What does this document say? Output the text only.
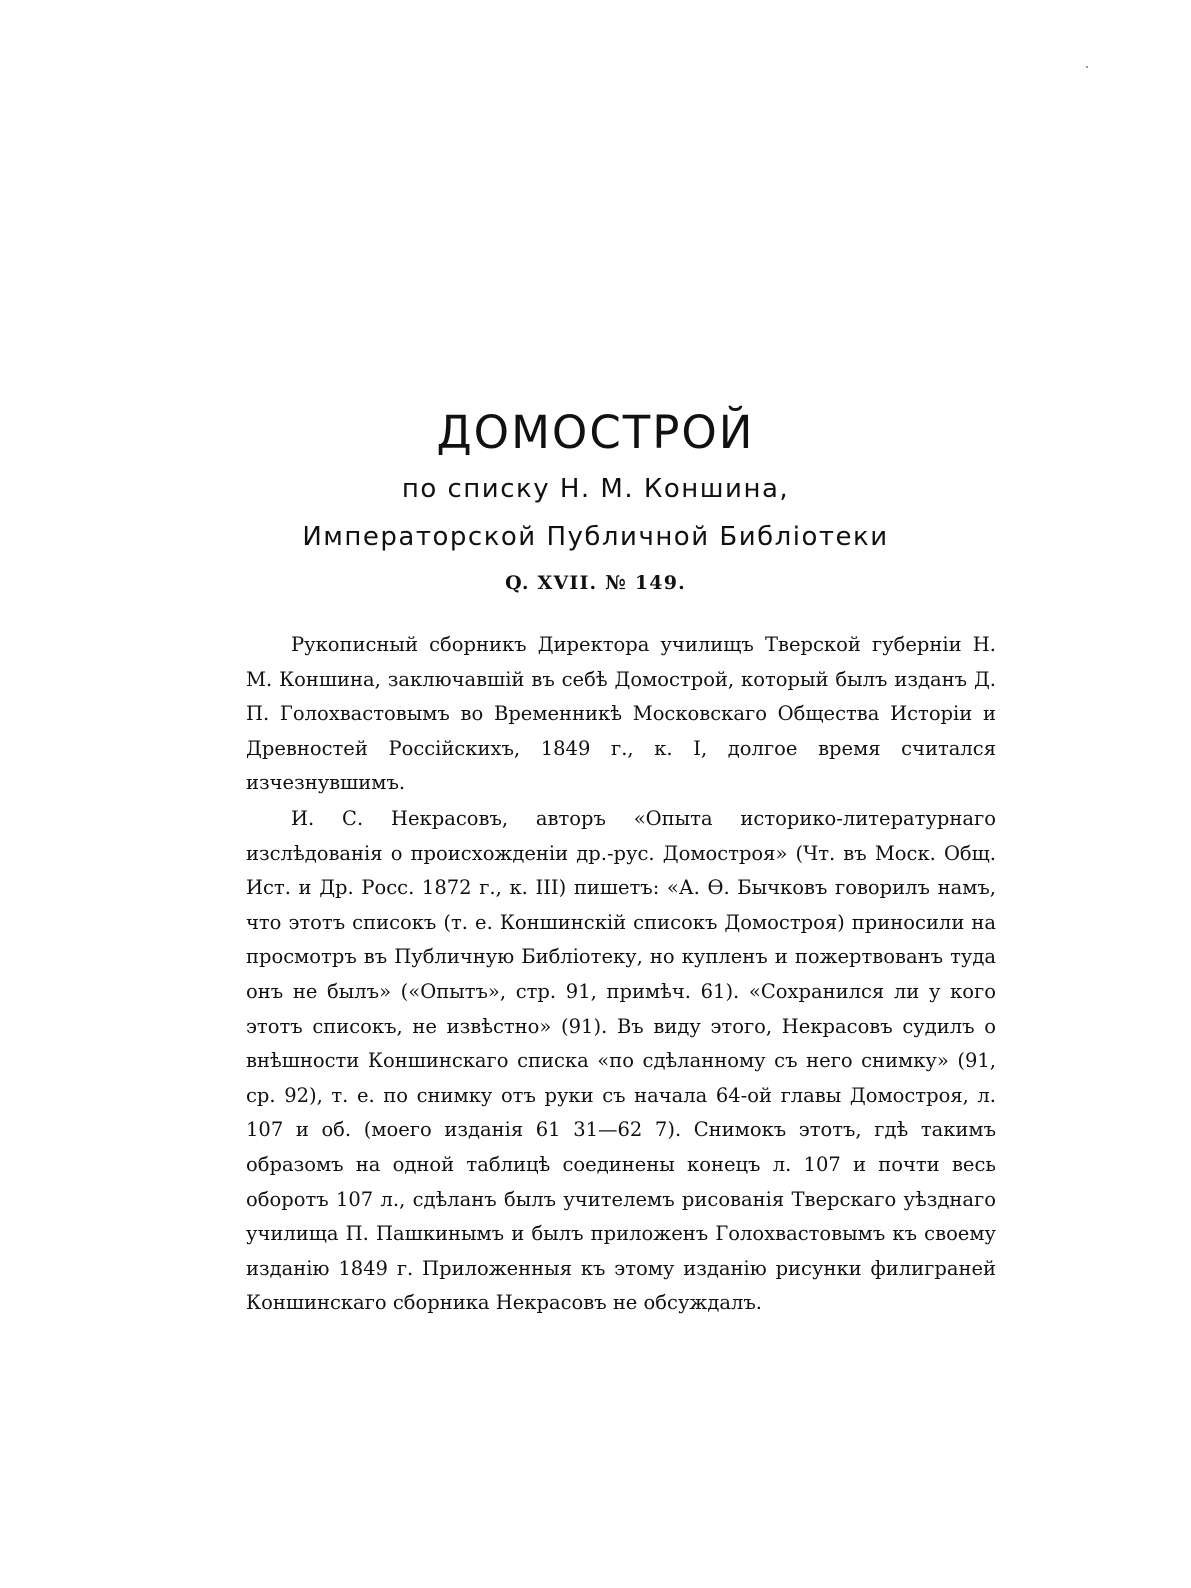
ДОМОСТРОЙ
по списку Н. М. Коншина,
Императорской Публичной Библіотеки
Q. XVII. № 149.

Рукописный сборникъ Директора училищъ Тверской губерніи Н. М. Коншина, заключавшій въ себѣ Домострой, который былъ изданъ Д. П. Голохвастовымъ во Временникѣ Московскаго Общества Исторіи и Древностей Россійскихъ, 1849 г., к. I, долгое время считался изчезнувшимъ.

И. С. Некрасовъ, авторъ «Опыта историко-литературнаго изслѣдованія о происхожденіи др.-рус. Домостроя» (Чт. въ Моск. Общ. Ист. и Др. Росс. 1872 г., к. III) пишетъ: «А. Ѳ. Бычковъ говорилъ намъ, что этотъ списокъ (т. е. Коншинскій списокъ Домостроя) приносили на просмотръ въ Публичную Библіотеку, но купленъ и пожертвованъ туда онъ не былъ» («Опытъ», стр. 91, примѣч. 61). «Сохранился ли у кого этотъ списокъ, не извѣстно» (91). Въ виду этого, Некрасовъ судилъ о внѣшности Коншинскаго списка «по сдѣланному съ него снимку» (91, ср. 92), т. е. по снимку отъ руки съ начала 64-ой главы Домостроя, л. 107 и об. (моего изданія 61 31—62 7). Снимокъ этотъ, гдѣ такимъ образомъ на одной таблицѣ соединены конецъ л. 107 и почти весь оборотъ 107 л., сдѣланъ былъ учителемъ рисованія Тверскаго уѣзднаго училища П. Пашкинымъ и былъ приложенъ Голохвастовымъ къ своему изданію 1849 г. Приложенныя къ этому изданію рисунки филиграней Коншинскаго сборника Некрасовъ не обсуждалъ.
